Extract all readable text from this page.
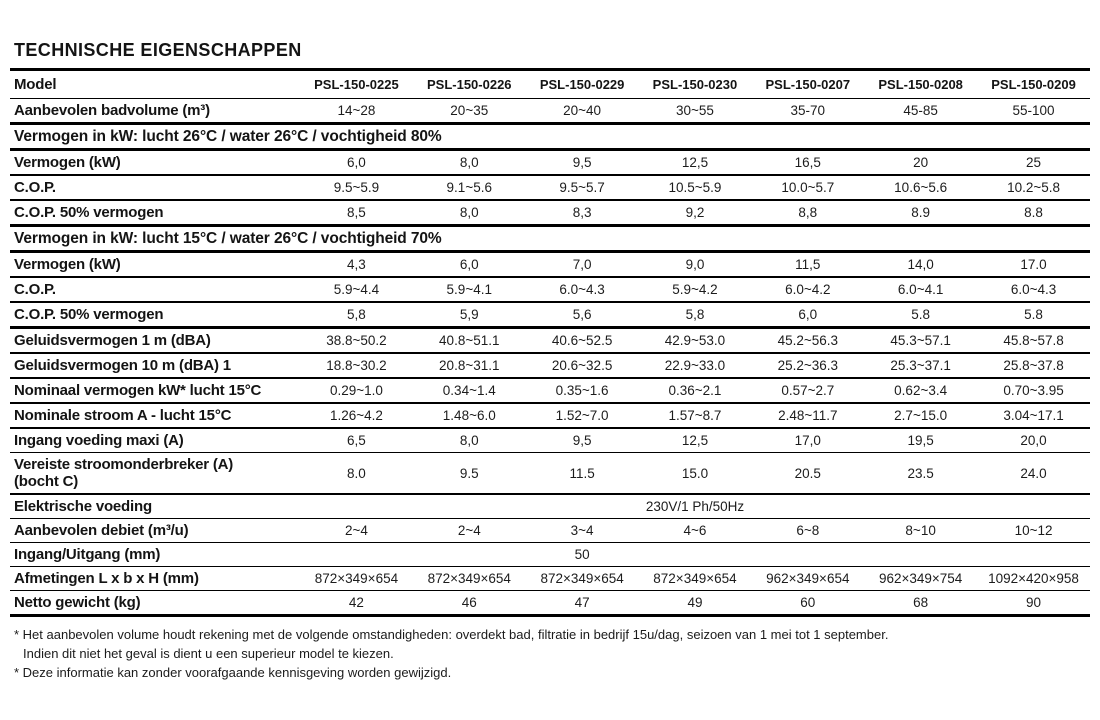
TECHNISCHE EIGENSCHAPPEN
Model	PSL-150-0225	PSL-150-0226	PSL-150-0229	PSL-150-0230	PSL-150-0207	PSL-150-0208	PSL-150-0209
Aanbevolen badvolume (m³)	14~28	20~35	20~40	30~55	35-70	45-85	55-100
Vermogen in kW: lucht 26°C / water 26°C / vochtigheid 80%							
Vermogen (kW)	6,0	8,0	9,5	12,5	16,5	20	25
C.O.P.	9.5~5.9	9.1~5.6	9.5~5.7	10.5~5.9	10.0~5.7	10.6~5.6	10.2~5.8
C.O.P. 50% vermogen	8,5	8,0	8,3	9,2	8,8	8.9	8.8
Vermogen in kW: lucht 15°C / water 26°C / vochtigheid 70%							
Vermogen (kW)	4,3	6,0	7,0	9,0	11,5	14,0	17.0
C.O.P.	5.9~4.4	5.9~4.1	6.0~4.3	5.9~4.2	6.0~4.2	6.0~4.1	6.0~4.3
C.O.P. 50% vermogen	5,8	5,9	5,6	5,8	6,0	5.8	5.8
Geluidsvermogen 1 m (dBA)	38.8~50.2	40.8~51.1	40.6~52.5	42.9~53.0	45.2~56.3	45.3~57.1	45.8~57.8
Geluidsvermogen 10 m (dBA) 1	18.8~30.2	20.8~31.1	20.6~32.5	22.9~33.0	25.2~36.3	25.3~37.1	25.8~37.8
Nominaal vermogen kW* lucht 15°C	0.29~1.0	0.34~1.4	0.35~1.6	0.36~2.1	0.57~2.7	0.62~3.4	0.70~3.95
Nominale stroom A - lucht 15°C	1.26~4.2	1.48~6.0	1.52~7.0	1.57~8.7	2.48~11.7	2.7~15.0	3.04~17.1
Ingang voeding maxi (A)	6,5	8,0	9,5	12,5	17,0	19,5	20,0
Vereiste stroomonderbreker (A)
(bocht C)	8.0	9.5	11.5	15.0	20.5	23.5	24.0
Elektrische voeding	230V/1 Ph/50Hz						
Aanbevolen debiet (m³/u)	2~4	2~4	3~4	4~6	6~8	8~10	10~12
Ingang/Uitgang (mm)			50				
Afmetingen L x b x H (mm)	872×349×654	872×349×654	872×349×654	872×349×654	962×349×654	962×349×754	1092×420×958
Netto gewicht (kg)	42	46	47	49	60	68	90
* Het aanbevolen volume houdt rekening met de volgende omstandigheden: overdekt bad, filtratie in bedrijf 15u/dag, seizoen van 1 mei tot 1 september.
Indien dit niet het geval is dient u een superieur model te kiezen.
* Deze informatie kan zonder voorafgaande kennisgeving worden gewijzigd.
